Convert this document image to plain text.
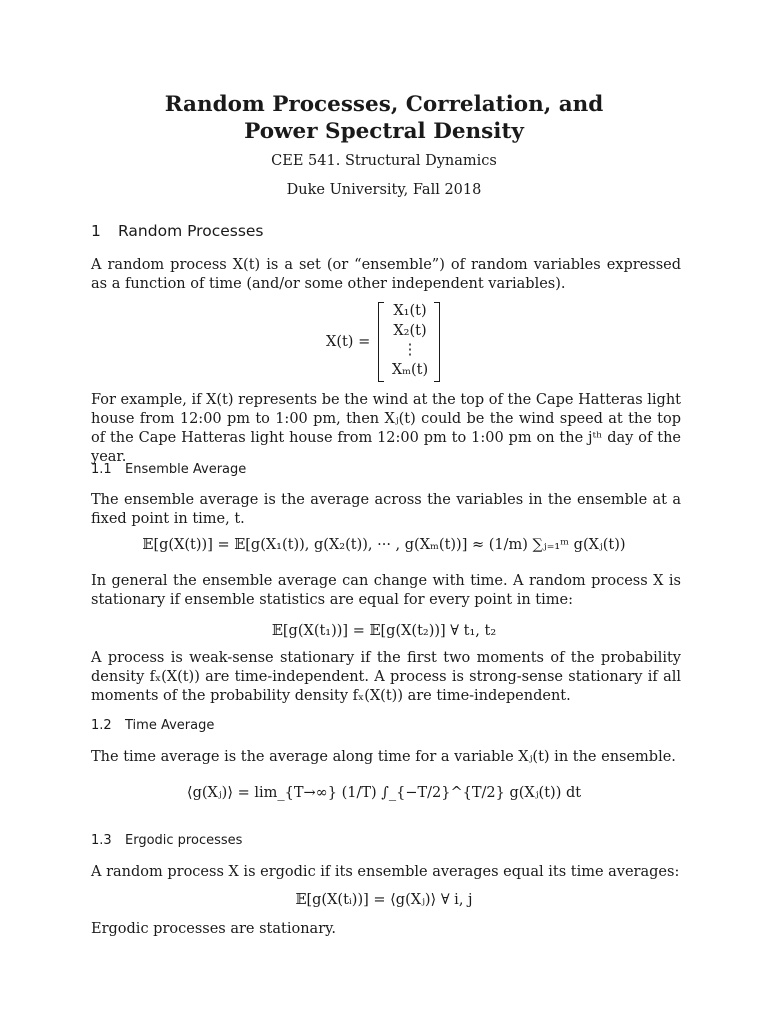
Random Processes, Correlation, and
Power Spectral Density
CEE 541. Structural Dynamics
Duke University, Fall 2018
1 Random Processes
A random process X(t) is a set (or “ensemble”) of random variables expressed as a function of time (and/or some other independent variables).
X(t) =
X₁(t)
X₂(t)
⋮
Xₘ(t)
For example, if X(t) represents be the wind at the top of the Cape Hatteras light house from 12:00 pm to 1:00 pm, then Xⱼ(t) could be the wind speed at the top of the Cape Hatteras light house from 12:00 pm to 1:00 pm on the jᵗʰ day of the year.
1.1 Ensemble Average
The ensemble average is the average across the variables in the ensemble at a fixed point in time, t.
𝔼[g(X(t))] = 𝔼[g(X₁(t)), g(X₂(t)), ··· , g(Xₘ(t))] ≈ (1/m) ∑ⱼ₌₁ᵐ g(Xⱼ(t))
In general the ensemble average can change with time. A random process X is stationary if ensemble statistics are equal for every point in time:
𝔼[g(X(t₁))] = 𝔼[g(X(t₂))] ∀ t₁, t₂
A process is weak-sense stationary if the first two moments of the probability density fₓ(X(t)) are time-independent. A process is strong-sense stationary if all moments of the probability density fₓ(X(t)) are time-independent.
1.2 Time Average
The time average is the average along time for a variable Xⱼ(t) in the ensemble.
⟨g(Xⱼ)⟩ = lim_{T→∞} (1/T) ∫_{−T/2}^{T/2} g(Xⱼ(t)) dt
1.3 Ergodic processes
A random process X is ergodic if its ensemble averages equal its time averages:
𝔼[g(X(tᵢ))] = ⟨g(Xⱼ)⟩ ∀ i, j
Ergodic processes are stationary.
